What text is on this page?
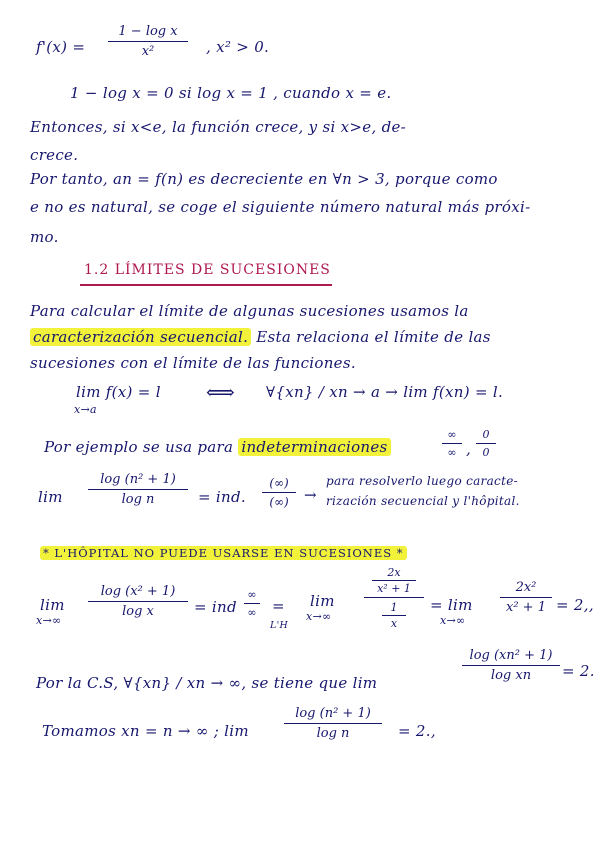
f'(x) =
1 − log x
x²	, x² > 0.
1 − log x = 0 si log x = 1 , cuando x = e.
Entonces, si x<e, la función crece, y si x>e, de-
crece.
Por tanto, an = f(n) es decreciente en ∀n > 3, porque como
e no es natural, se coge el siguiente número natural más próxi-
mo.
1.2 LÍMITES DE SUCESIONES
Para calcular el límite de algunas sucesiones usamos la
caracterización secuencial. Esta relaciona el límite de las
sucesiones con el límite de las funciones.
lim f(x) = l
x→a
⟺ ∀{xn} / xn → a → lim f(xn) = l.
Por ejemplo se usa para indeterminaciones
∞
∞ ,
0
0
lim
log (n² + 1)
log n	= ind.
(∞)
(∞)	→
para resolverlo luego caracte-
rización secuencial y l'hôpital.
* L'HÔPITAL NO PUEDE USARSE EN SUCESIONES *
lim
x→∞
log (x² + 1)
log x	= ind
∞
∞ =
L'H
lim
x→∞
2x
x² + 1
1
x
= lim
x→∞
2x²
x² + 1 = 2,,
Por la C.S, ∀{xn} / xn → ∞, se tiene que lim
log (xn² + 1)
log xn	= 2.
Tomamos xn = n → ∞ ; lim
log (n² + 1)
log n	= 2.,
